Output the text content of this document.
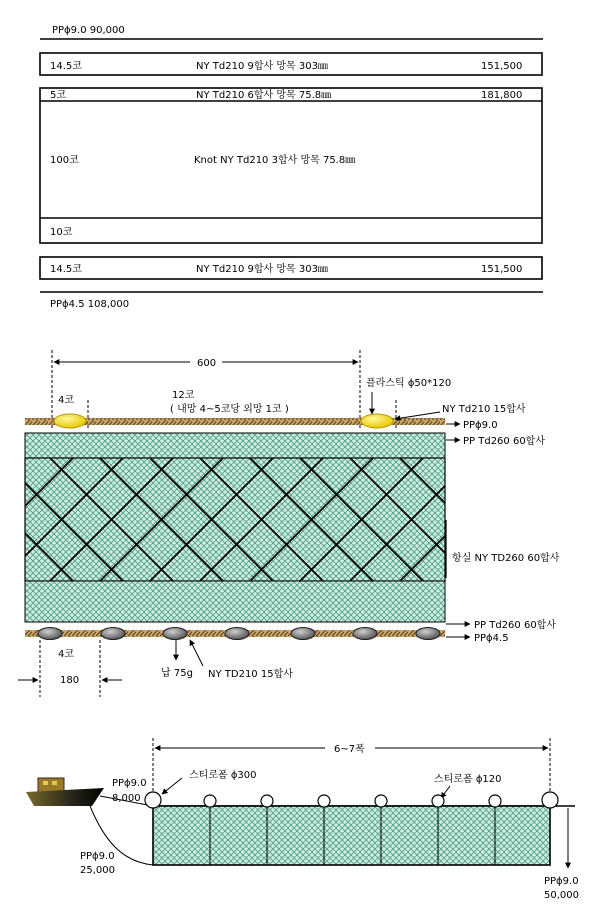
PPϕ9.0 90,000
14.5코	NY Td210 9합사 망목 303㎜	151,500
5코	NY Td210 6합사 망목 75.8㎜	181,800
100코	Knot NY Td210 3합사 망목 75.8㎜
10코
14.5코	NY Td210 9합사 망목 303㎜	151,500
PPϕ4.5 108,000
600
4코	12코
( 내망 4~5코당 외망 1코 )
플라스틱 ϕ50*120
NY Td210 15합사
PPϕ9.0
PP Td260 60합사
항실 NY TD260 60합사
PP Td260 60합사
PPϕ4.5
4코
180
납 75g NY TD210 15합사
6~7폭
PPϕ9.0
8,000
PPϕ9.0
25,000
스티로폼 ϕ300	스티로폼 ϕ120
PPϕ9.0
50,000
